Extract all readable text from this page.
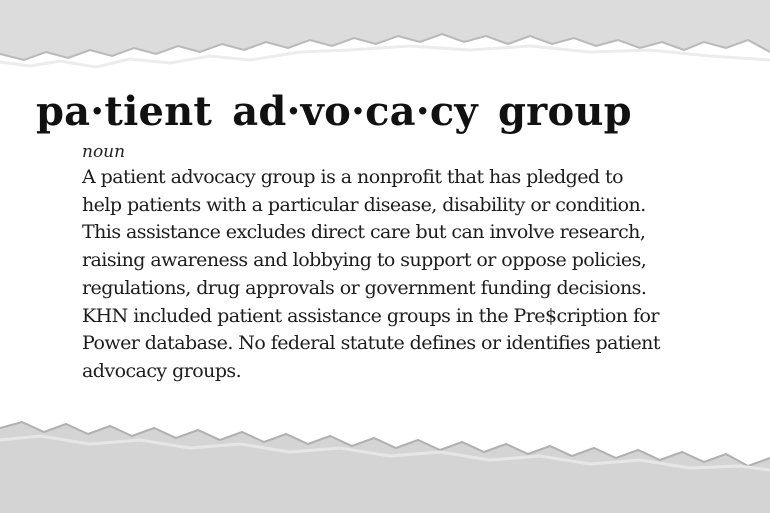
pa·tient ad·vo·ca·cy group

noun

A patient advocacy group is a nonprofit that has pledged to
help patients with a particular disease, disability or condition.
This assistance excludes direct care but can involve research,
raising awareness and lobbying to support or oppose policies,
regulations, drug approvals or government funding decisions.
KHN included patient assistance groups in the Pre$cription for
Power database. No federal statute defines or identifies patient
advocacy groups.
